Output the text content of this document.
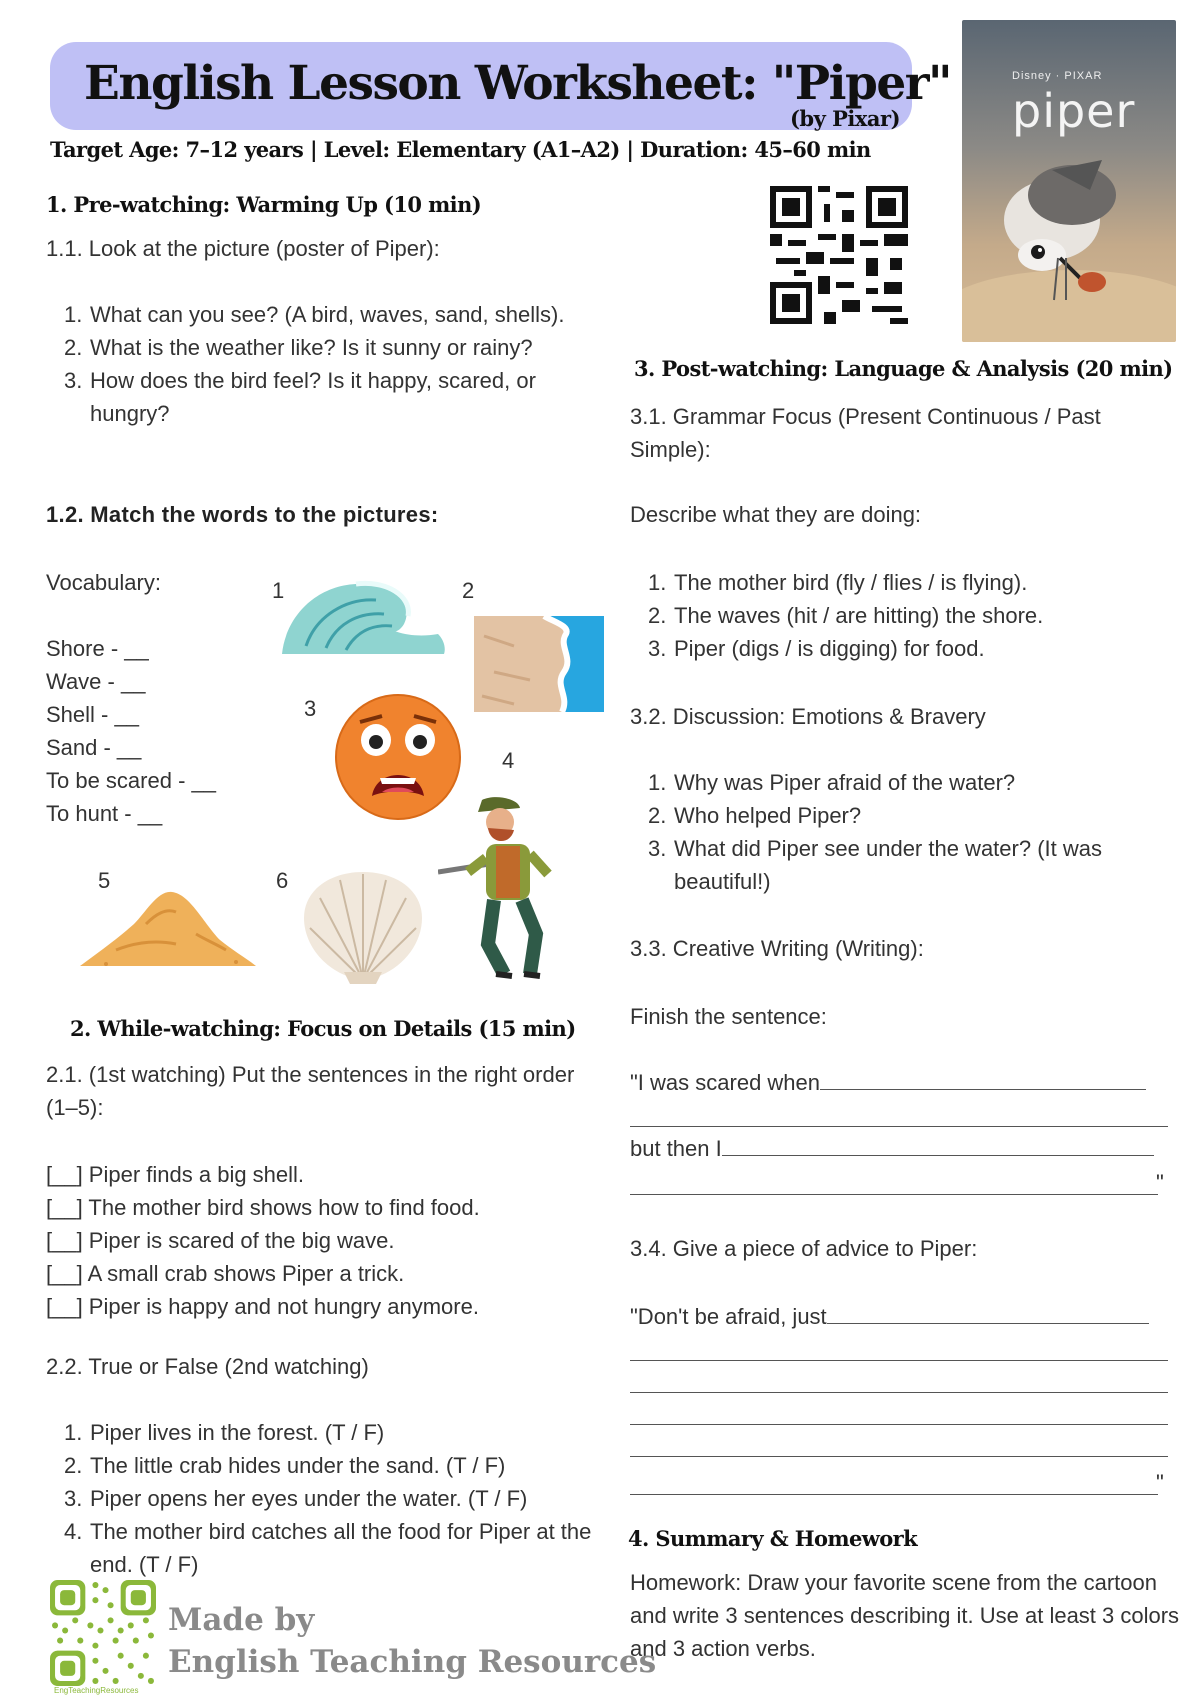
English Lesson Worksheet: "Piper"
(by Pixar)
Target Age: 7–12 years | Level: Elementary (A1–A2) | Duration: 45–60 min
Disney · PIXAR
piper
1. Pre-watching: Warming Up (10 min)
1.1. Look at the picture (poster of Piper):
1. What can you see? (A bird, waves, sand, shells).
2. What is the weather like? Is it sunny or rainy?
3. How does the bird feel? Is it happy, scared, or hungry?
1.2. Match the words to the pictures:
Vocabulary:
Shore - __
Wave - __
Shell - __
Sand - __
To be scared - __
To hunt - __
1	2
3
4
5	6
2. While-watching: Focus on Details (15 min)
2.1. (1st watching) Put the sentences in the right order (1–5):
[__] Piper finds a big shell.
[__] The mother bird shows how to find food.
[__] Piper is scared of the big wave.
[__] A small crab shows Piper a trick.
[__] Piper is happy and not hungry anymore.
2.2. True or False (2nd watching)
1. Piper lives in the forest. (T / F)
2. The little crab hides under the sand. (T / F)
3. Piper opens her eyes under the water. (T / F)
4. The mother bird catches all the food for Piper at the end. (T / F)
3. Post-watching: Language & Analysis (20 min)
3.1. Grammar Focus (Present Continuous / Past Simple):
Describe what they are doing:
1. The mother bird (fly / flies / is flying).
2. The waves (hit / are hitting) the shore.
3. Piper (digs / is digging) for food.
3.2. Discussion: Emotions & Bravery
1. Why was Piper afraid of the water?
2. Who helped Piper?
3. What did Piper see under the water? (It was beautiful!)
3.3. Creative Writing (Writing):
Finish the sentence:
"I was scared when
but then I
"
3.4. Give a piece of advice to Piper:
"Don't be afraid, just
"
4. Summary & Homework
Homework: Draw your favorite scene from the cartoon and write 3 sentences describing it. Use at least 3 colors and 3 action verbs.
EngTeachingResources
Made by
English Teaching Resources
